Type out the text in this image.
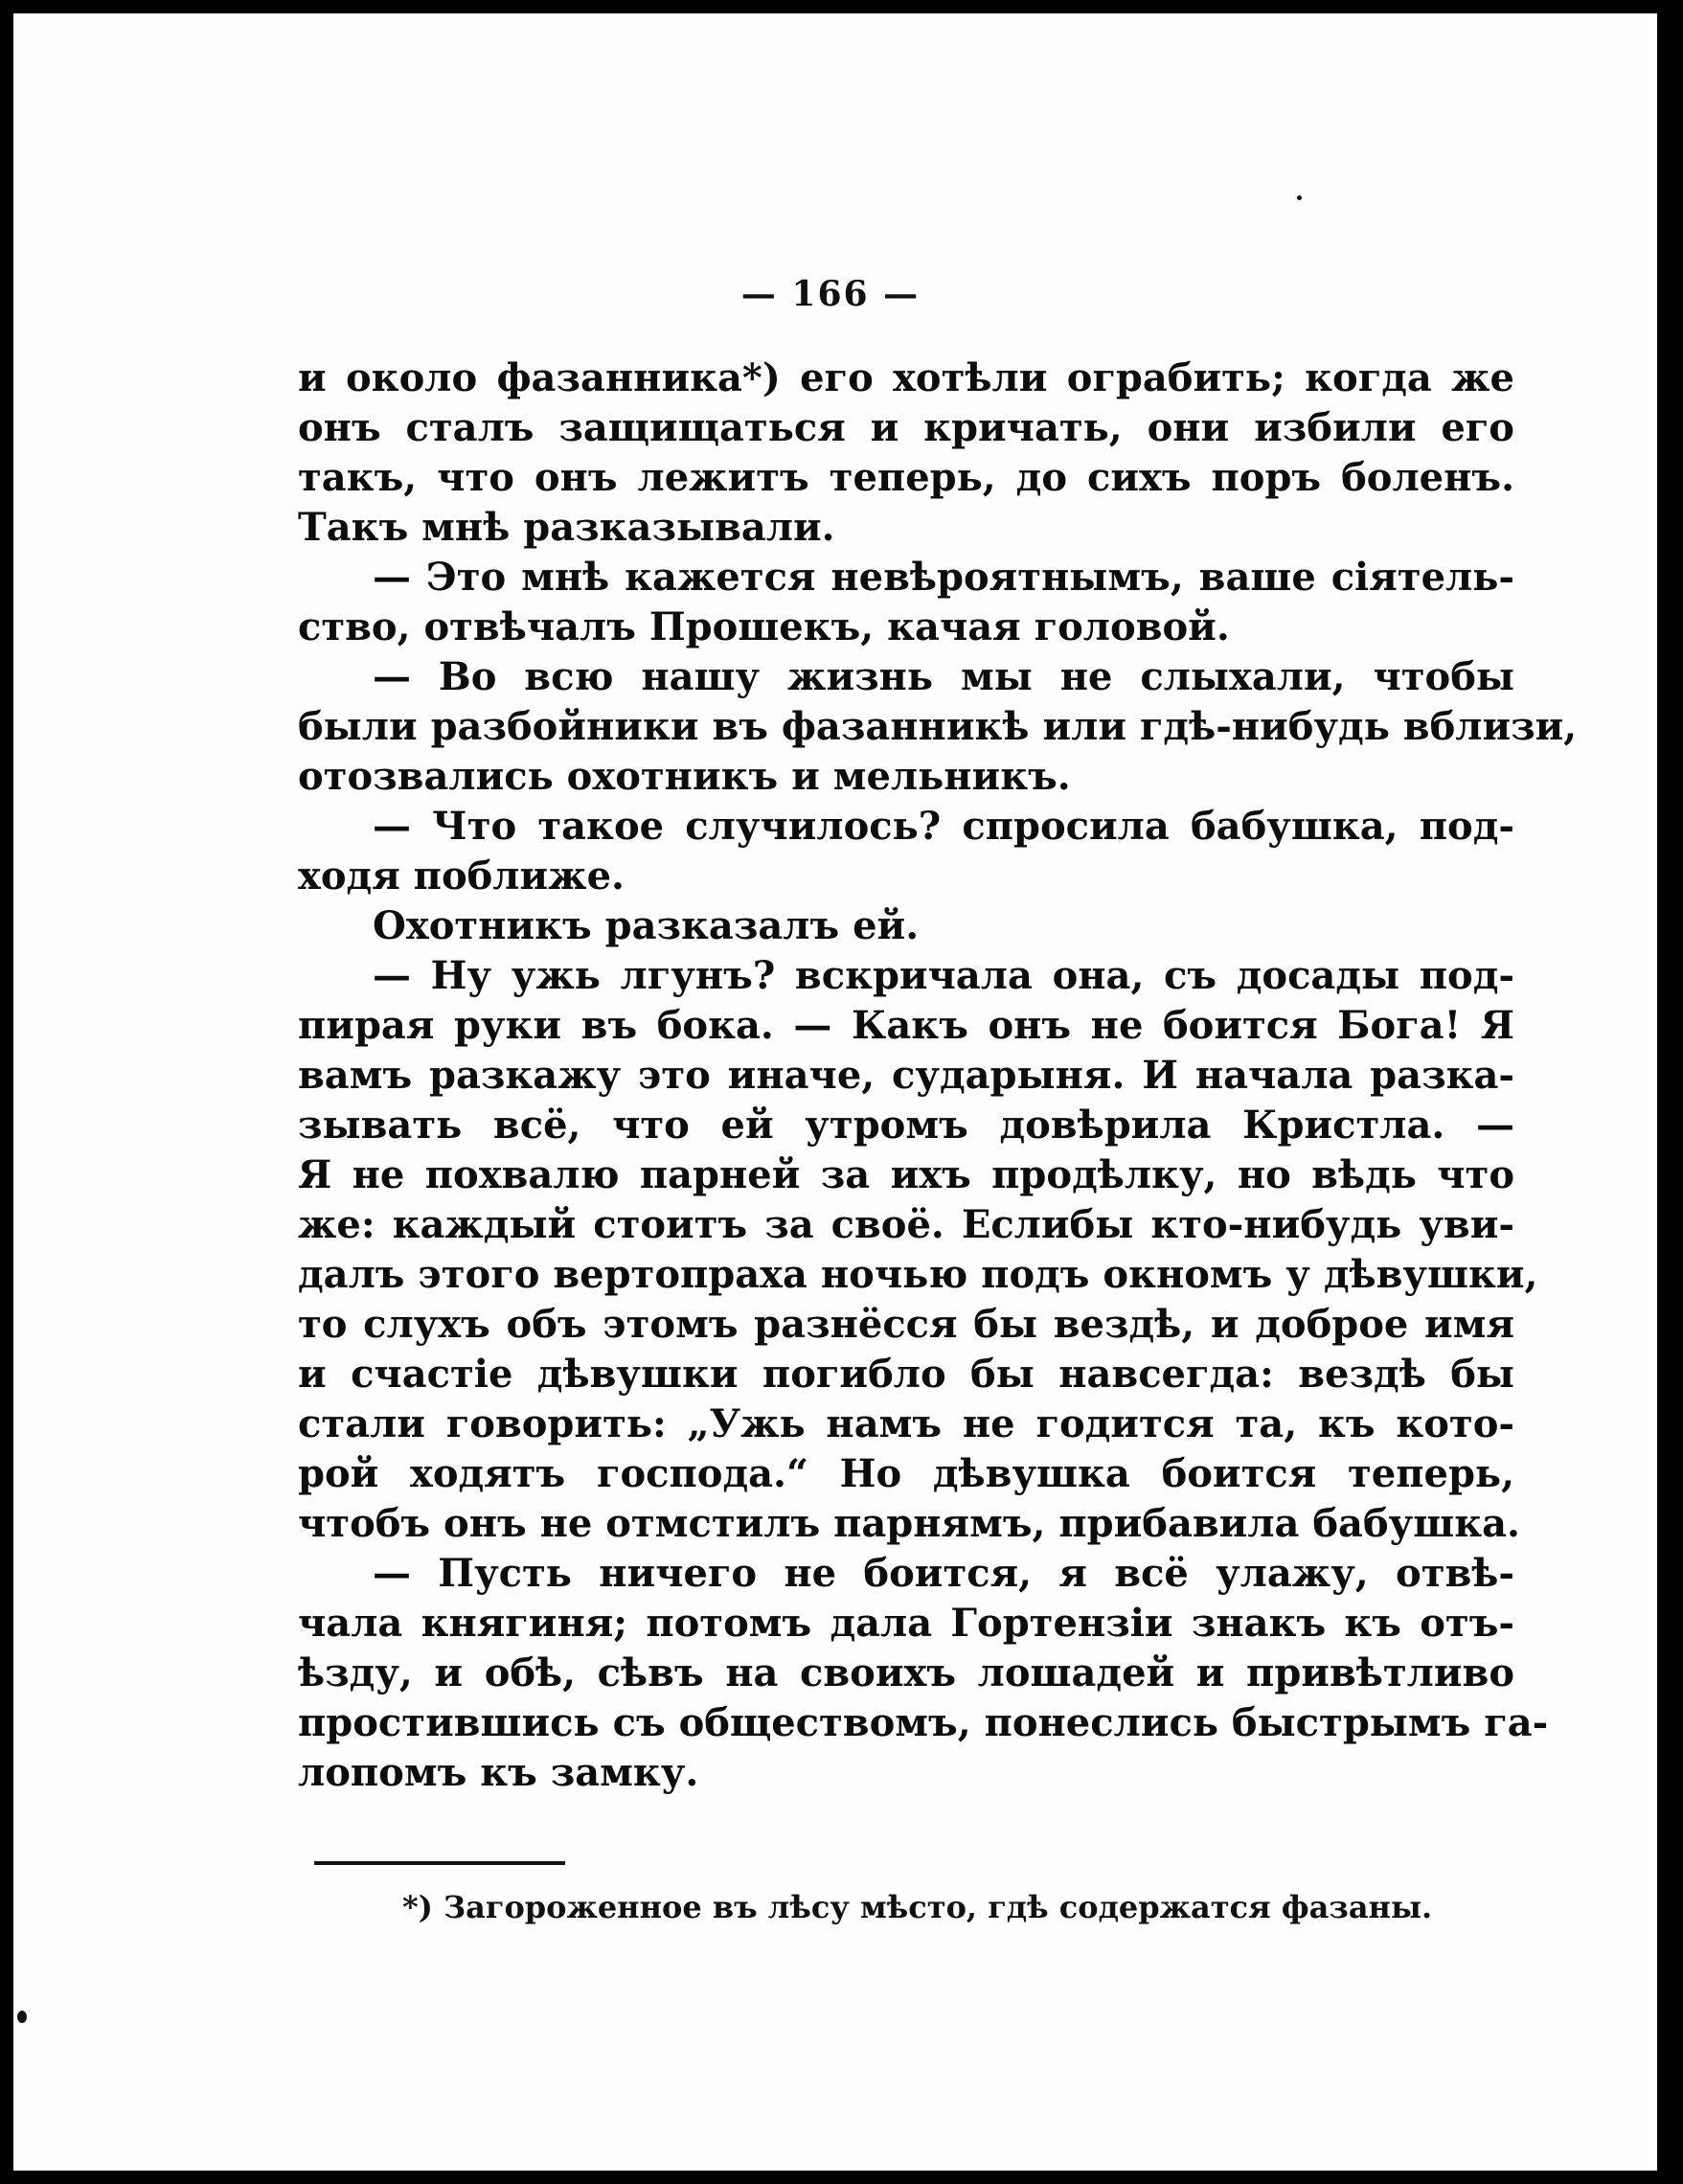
— 166 —
и около фазанника*) его хотѣли ограбить; когда же
онъ сталъ защищаться и кричать, они избили его
такъ, что онъ лежитъ теперь, до сихъ поръ боленъ.
Такъ мнѣ разказывали.
— Это мнѣ кажется невѣроятнымъ, ваше сіятель-
ство, отвѣчалъ Прошекъ, качая головой.
— Во всю нашу жизнь мы не слыхали, чтобы
были разбойники въ фазанникѣ или гдѣ-нибудь вблизи,
отозвались охотникъ и мельникъ.
— Что такое случилось? спросила бабушка, под-
ходя поближе.
Охотникъ разказалъ ей.
— Ну ужь лгунъ? вскричала она, съ досады под-
пирая руки въ бока. — Какъ онъ не боится Бога! Я
вамъ разкажу это иначе, сударыня. И начала разка-
зывать всё, что ей утромъ довѣрила Кристла. —
Я не похвалю парней за ихъ продѣлку, но вѣдь что
же: каждый стоитъ за своё. Еслибы кто-нибудь уви-
далъ этого вертопраха ночью подъ окномъ у дѣвушки,
то слухъ объ этомъ разнёсся бы вездѣ, и доброе имя
и счастіе дѣвушки погибло бы навсегда: вездѣ бы
стали говорить: „Ужь намъ не годится та, къ кото-
рой ходятъ господа.“ Но дѣвушка боится теперь,
чтобъ онъ не отмстилъ парнямъ, прибавила бабушка.
— Пусть ничего не боится, я всё улажу, отвѣ-
чала княгиня; потомъ дала Гортензіи знакъ къ отъ-
ѣзду, и обѣ, сѣвъ на своихъ лошадей и привѣтливо
простившись съ обществомъ, понеслись быстрымъ га-
лопомъ къ замку.
*) Загороженное въ лѣсу мѣсто, гдѣ содержатся фазаны.
